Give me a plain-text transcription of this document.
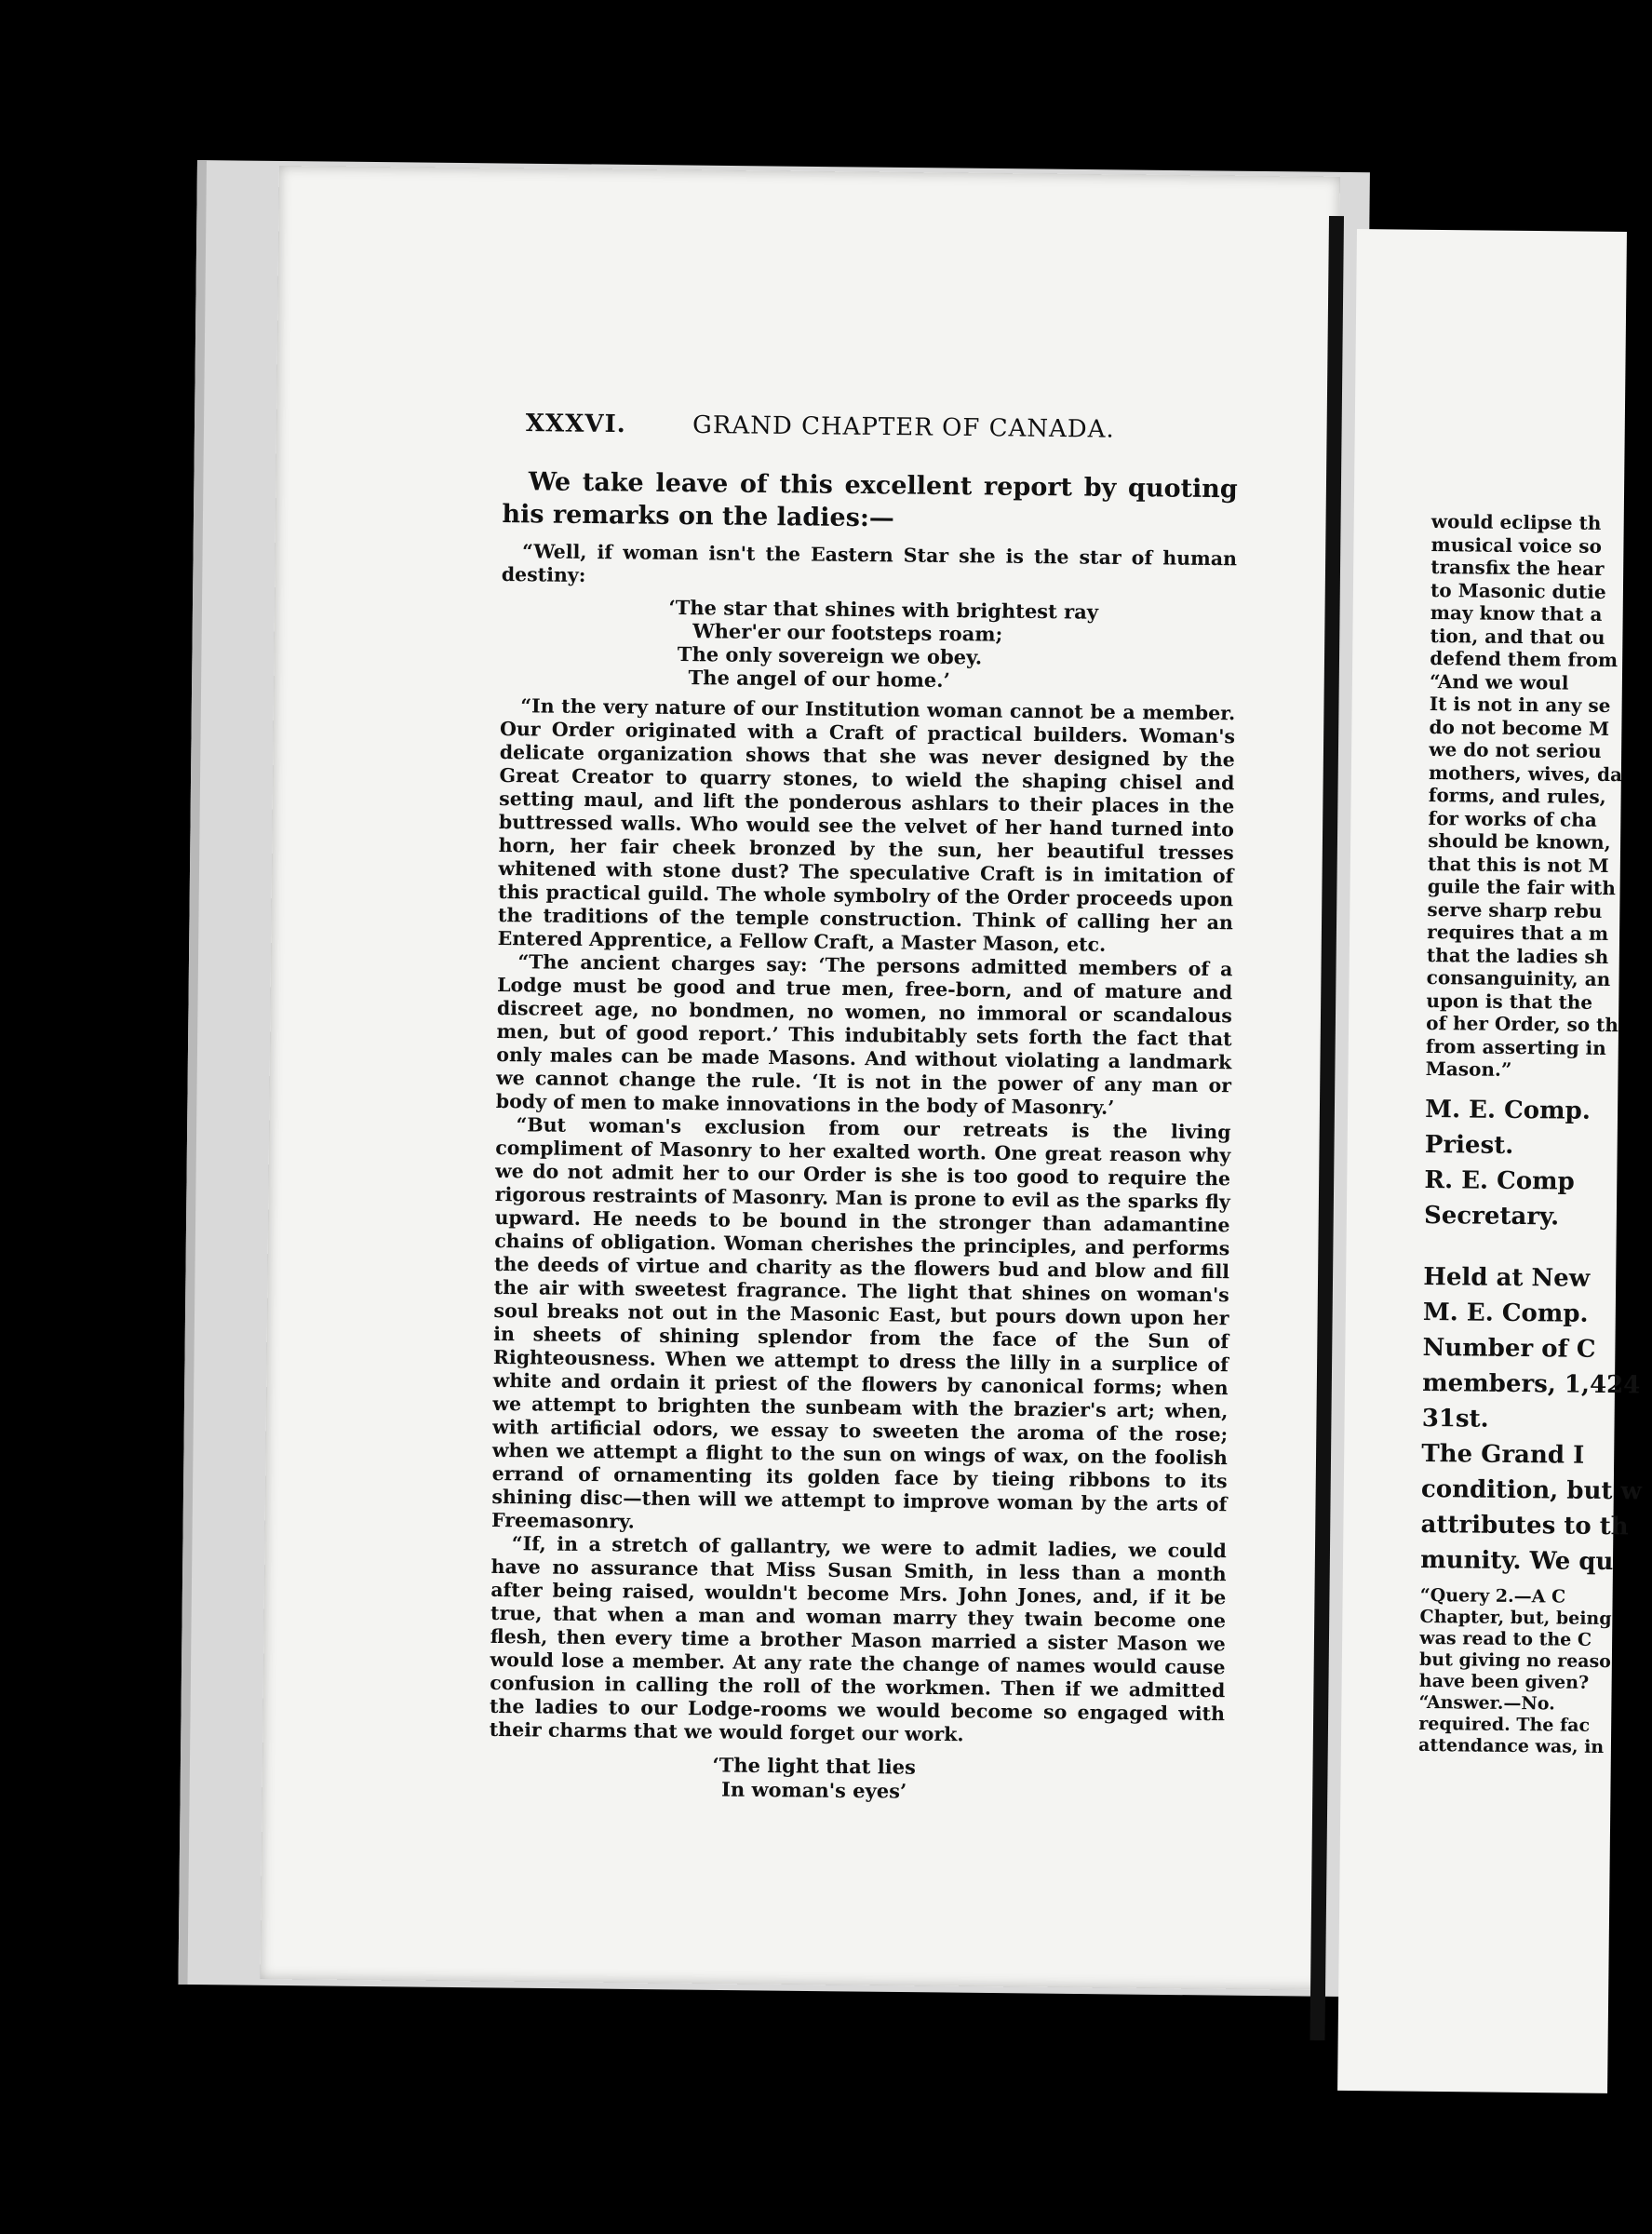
XXXVI.	GRAND CHAPTER OF CANADA.

We take leave of this excellent report by quoting his remarks on the ladies:—

“Well, if woman isn't the Eastern Star she is the star of human destiny:

‘The star that shines with brightest ray
Wher'er our footsteps roam;
The only sovereign we obey.
The angel of our home.’

“In the very nature of our Institution woman cannot be a member. Our Order originated with a Craft of practical builders. Woman's delicate organization shows that she was never designed by the Great Creator to quarry stones, to wield the shaping chisel and setting maul, and lift the ponderous ashlars to their places in the buttressed walls. Who would see the velvet of her hand turned into horn, her fair cheek bronzed by the sun, her beautiful tresses whitened with stone dust? The speculative Craft is in imitation of this practical guild. The whole symbolry of the Order proceeds upon the traditions of the temple construction. Think of calling her an Entered Apprentice, a Fellow Craft, a Master Mason, etc.

“The ancient charges say: ‘The persons admitted members of a Lodge must be good and true men, free-born, and of mature and discreet age, no bondmen, no women, no immoral or scandalous men, but of good report.’ This indubitably sets forth the fact that only males can be made Masons. And without violating a landmark we cannot change the rule. ‘It is not in the power of any man or body of men to make innovations in the body of Masonry.’

“But woman's exclusion from our retreats is the living compliment of Masonry to her exalted worth. One great reason why we do not admit her to our Order is she is too good to require the rigorous restraints of Masonry. Man is prone to evil as the sparks fly upward. He needs to be bound in the stronger than adamantine chains of obligation. Woman cherishes the principles, and performs the deeds of virtue and charity as the flowers bud and blow and fill the air with sweetest fragrance. The light that shines on woman's soul breaks not out in the Masonic East, but pours down upon her in sheets of shining splendor from the face of the Sun of Righteousness. When we attempt to dress the lilly in a surplice of white and ordain it priest of the flowers by canonical forms; when we attempt to brighten the sunbeam with the brazier's art; when, with artificial odors, we essay to sweeten the aroma of the rose; when we attempt a flight to the sun on wings of wax, on the foolish errand of ornamenting its golden face by tieing ribbons to its shining disc—then will we attempt to improve woman by the arts of Freemasonry.

“If, in a stretch of gallantry, we were to admit ladies, we could have no assurance that Miss Susan Smith, in less than a month after being raised, wouldn't become Mrs. John Jones, and, if it be true, that when a man and woman marry they twain become one flesh, then every time a brother Mason married a sister Mason we would lose a member. At any rate the change of names would cause confusion in calling the roll of the workmen. Then if we admitted the ladies to our Lodge-rooms we would become so engaged with their charms that we would forget our work.

‘The light that lies
In woman's eyes’
would eclipse th
musical voice so
transfix the hear
to Masonic dutie
may know that a
tion, and that ou
defend them from
“And we woul
It is not in any se
do not become M
we do not seriou
mothers, wives, da
forms, and rules,
for works of cha
should be known,
that this is not M
guile the fair with
serve sharp rebu
requires that a m
that the ladies sh
consanguinity, an
upon is that the
of her Order, so th
from asserting in
Mason.”
M. E. Comp.
Priest.
R. E. Comp
Secretary.
Held at New
M. E. Comp.
Number of C
members, 1,424
31st.
The Grand I
condition, but w
attributes to th
munity. We qu
“Query 2.—A C
Chapter, but, being
was read to the C
but giving no reaso
have been given?
“Answer.—No.
required. The fac
attendance was, in
